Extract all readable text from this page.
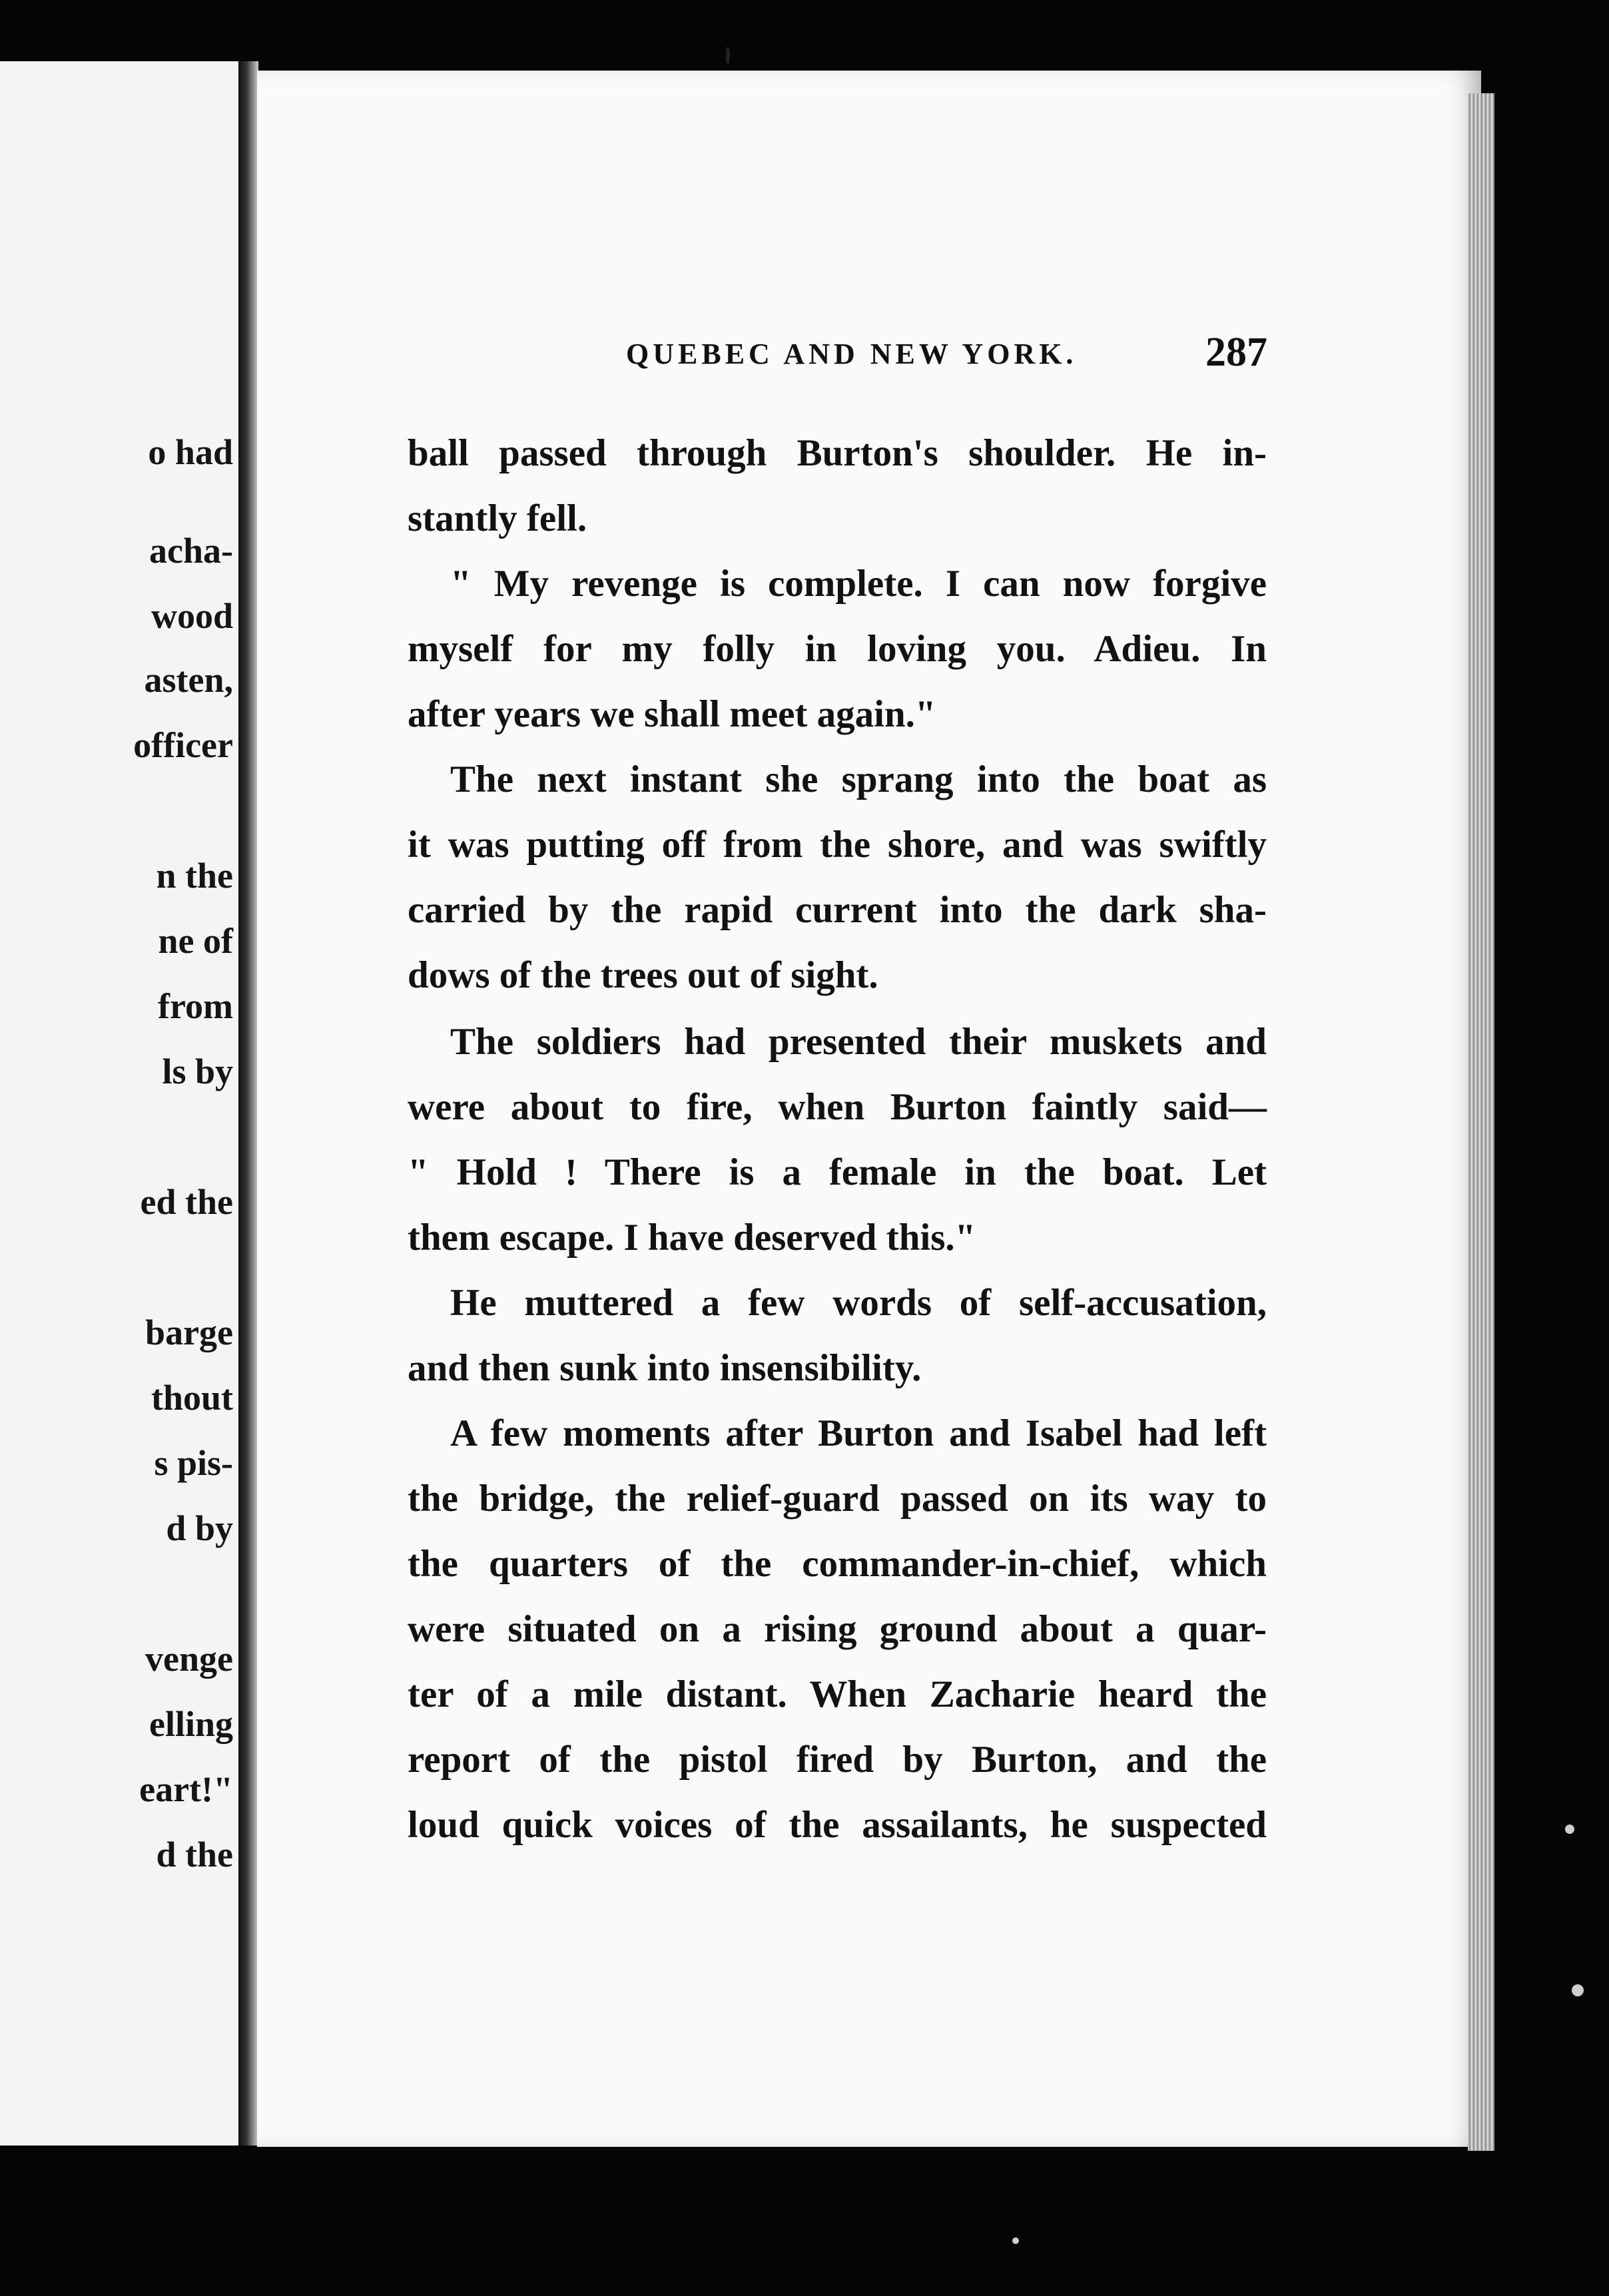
o had
acha-
wood
asten,
officer
n the
ne of
from
ls by
ed the
barge
thout
s pis-
d by
venge
elling
eart!"
d the
QUEBEC AND NEW YORK.	287
ball passed through Burton's shoulder. He in-
stantly fell.
" My revenge is complete. I can now forgive
myself for my folly in loving you. Adieu. In
after years we shall meet again."
The next instant she sprang into the boat as
it was putting off from the shore, and was swiftly
carried by the rapid current into the dark sha-
dows of the trees out of sight.
The soldiers had presented their muskets and
were about to fire, when Burton faintly said—
" Hold ! There is a female in the boat. Let
them escape. I have deserved this."
He muttered a few words of self-accusation,
and then sunk into insensibility.
A few moments after Burton and Isabel had left
the bridge, the relief-guard passed on its way to
the quarters of the commander-in-chief, which
were situated on a rising ground about a quar-
ter of a mile distant. When Zacharie heard the
report of the pistol fired by Burton, and the
loud quick voices of the assailants, he suspected
